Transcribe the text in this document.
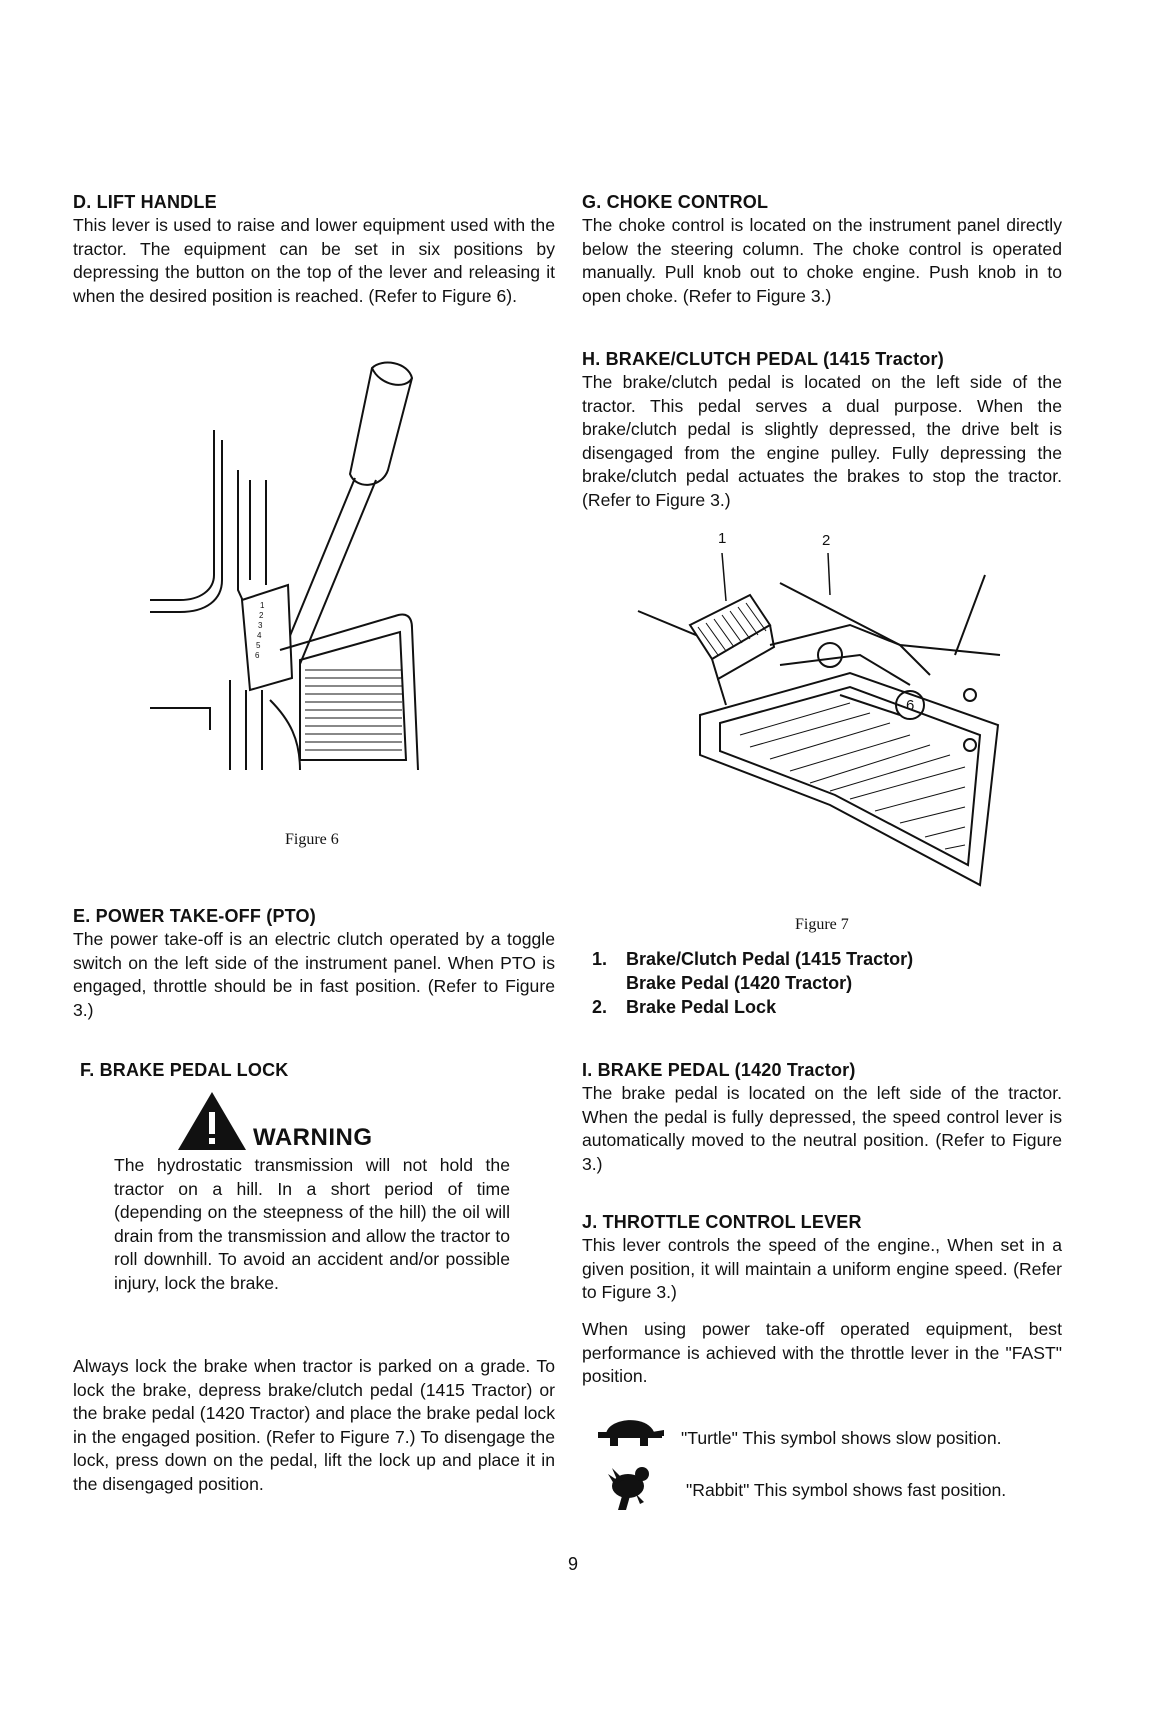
D. LIFT HANDLE
This lever is used to raise and lower equipment used with the tractor. The equipment can be set in six positions by depressing the button on the top of the lever and releasing it when the desired position is reached. (Refer to Figure 6).
1
2
3
4
5
6
Figure 6
E. POWER TAKE-OFF (PTO)
The power take-off is an electric clutch operated by a toggle switch on the left side of the instrument panel. When PTO is engaged, throttle should be in fast position. (Refer to Figure 3.)
F. BRAKE PEDAL LOCK
WARNING
The hydrostatic transmission will not hold the tractor on a hill. In a short period of time (depending on the steepness of the hill) the oil will drain from the transmission and allow the tractor to roll downhill. To avoid an accident and/or possible injury, lock the brake.
Always lock the brake when tractor is parked on a grade. To lock the brake, depress brake/clutch pedal (1415 Tractor) or the brake pedal (1420 Tractor) and place the brake pedal lock in the engaged position. (Refer to Figure 7.) To disengage the lock, press down on the pedal, lift the lock up and place it in the disengaged position.
G. CHOKE CONTROL
The choke control is located on the instrument panel directly below the steering column. The choke control is operated manually. Pull knob out to choke engine. Push knob in to open choke. (Refer to Figure 3.)
H. BRAKE/CLUTCH PEDAL (1415 Tractor)
The brake/clutch pedal is located on the left side of the tractor. This pedal serves a dual purpose. When the brake/clutch pedal is slightly depressed, the drive belt is disengaged from the engine pulley. Fully depressing the brake/clutch pedal actuates the brakes to stop the tractor. (Refer to Figure 3.)
1	2
6
Figure 7
1. Brake/Clutch Pedal (1415 Tractor)
Brake Pedal (1420 Tractor)
2. Brake Pedal Lock
I. BRAKE PEDAL (1420 Tractor)
The brake pedal is located on the left side of the tractor. When the pedal is fully depressed, the speed control lever is automatically moved to the neutral position. (Refer to Figure 3.)
J. THROTTLE CONTROL LEVER
This lever controls the speed of the engine., When set in a given position, it will maintain a uniform engine speed. (Refer to Figure 3.)
When using power take-off operated equipment, best performance is achieved with the throttle lever in the "FAST" position.
"Turtle" This symbol shows slow position.
"Rabbit" This symbol shows fast position.
9
